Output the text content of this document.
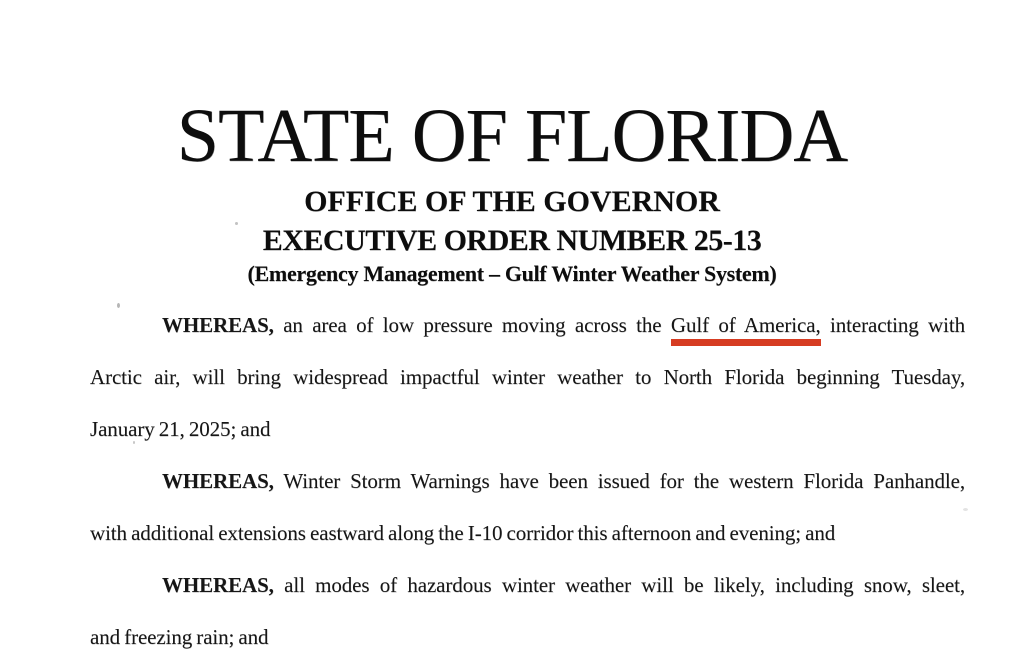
STATE OF FLORIDA
OFFICE OF THE GOVERNOR
EXECUTIVE ORDER NUMBER 25-13
(Emergency Management – Gulf Winter Weather System)
WHEREAS, an area of low pressure moving across the Gulf of America, interacting with
Arctic air, will bring widespread impactful winter weather to North Florida beginning Tuesday,
January 21, 2025; and
WHEREAS, Winter Storm Warnings have been issued for the western Florida Panhandle,
with additional extensions eastward along the I-10 corridor this afternoon and evening; and
WHEREAS, all modes of hazardous winter weather will be likely, including snow, sleet,
and freezing rain; and
